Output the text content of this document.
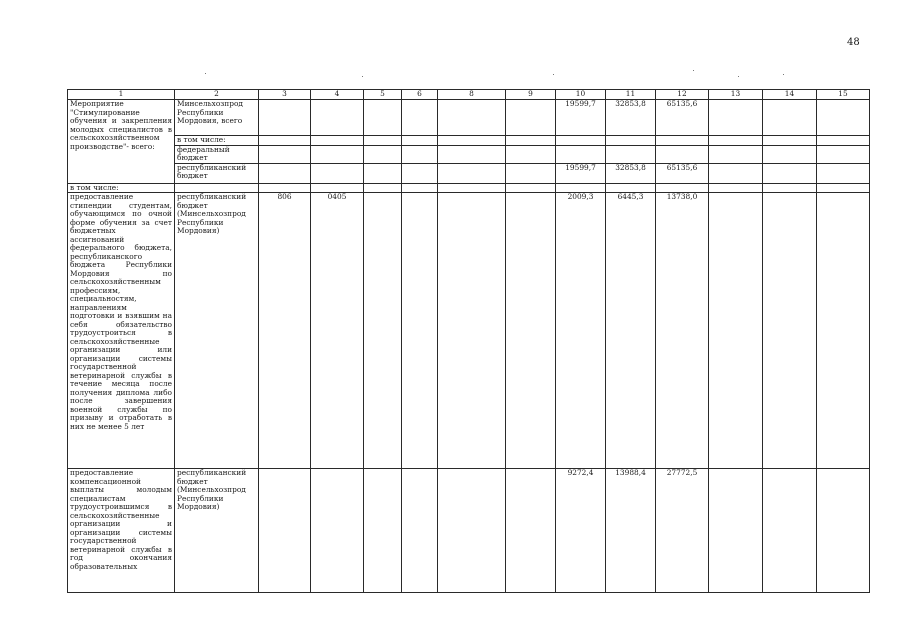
48
1	2	3	4	5	6	8	9	10	11	12	13	14	15
Мероприятие "Стимулирование обучения и закрепления молодых специалистов в сельскохозяйственном производстве"- всего:	Минсельхозпрод Республики Мордовия, всего							19599,7	32853,8	65135,6			
	в том числе:												
	федеральный бюджет												
	республиканский бюджет							19599,7	32853,8	65135,6			
в том числе:													
предоставление стипендии студентам, обучающимся по очной форме обучения за счет бюджетных ассигнований федерального бюджета, республиканского бюджета Республики Мордовия по сельскохозяйственным профессиям, специальностям, направлениям подготовки и взявшим на себя обязательство трудоустроиться в сельскохозяйственные организации или организации системы государственной ветеринарной службы в течение месяца после получения диплома либо после завершения военной службы по призыву и отработать в них не менее 5 лет	республиканский бюджет (Минсельхозпрод Республики Мордовия)	806	0405					2009,3	6445,3	13738,0			
предоставление компенсационной выплаты молодым специалистам трудоустроившимся в сельскохозяйственные организации и организации системы государственной ветеринарной службы в год окончания образовательных	республиканский бюджет (Минсельхозпрод Республики Мордовия)							9272,4	13988,4	27772,5			
